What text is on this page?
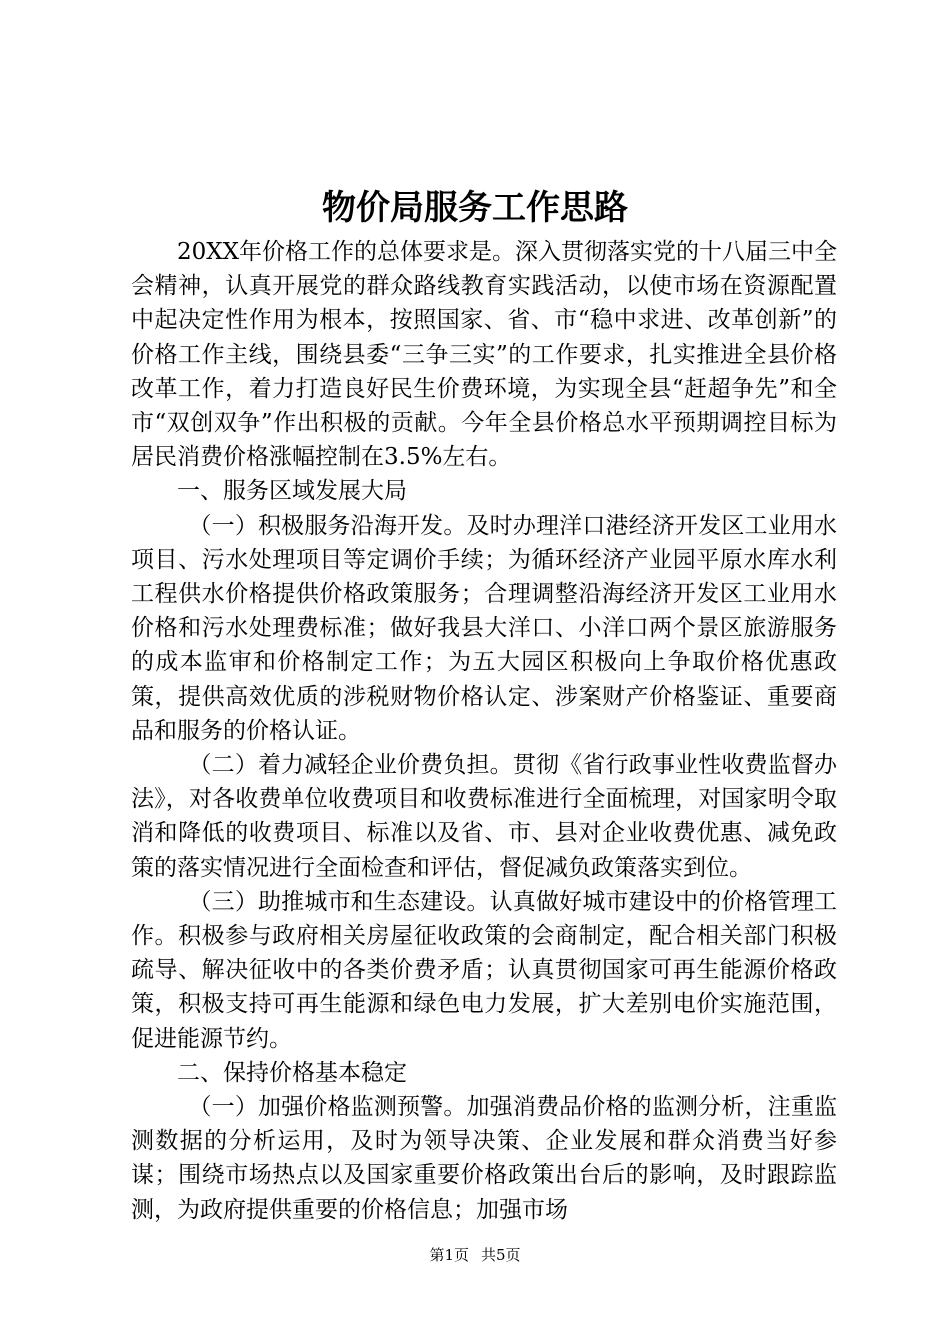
物价局服务工作思路

20XX年价格工作的总体要求是。深入贯彻落实党的十八届三中全会精神，认真开展党的群众路线教育实践活动，以使市场在资源配置中起决定性作用为根本，按照国家、省、市“稳中求进、改革创新”的价格工作主线，围绕县委“三争三实”的工作要求，扎实推进全县价格改革工作，着力打造良好民生价费环境，为实现全县“赶超争先”和全市“双创双争”作出积极的贡献。今年全县价格总水平预期调控目标为居民消费价格涨幅控制在3.5%左右。

一、服务区域发展大局

（一）积极服务沿海开发。及时办理洋口港经济开发区工业用水项目、污水处理项目等定调价手续；为循环经济产业园平原水库水利工程供水价格提供价格政策服务；合理调整沿海经济开发区工业用水价格和污水处理费标准；做好我县大洋口、小洋口两个景区旅游服务的成本监审和价格制定工作；为五大园区积极向上争取价格优惠政策，提供高效优质的涉税财物价格认定、涉案财产价格鉴证、重要商品和服务的价格认证。

（二）着力减轻企业价费负担。贯彻《省行政事业性收费监督办法》，对各收费单位收费项目和收费标准进行全面梳理，对国家明令取消和降低的收费项目、标准以及省、市、县对企业收费优惠、减免政策的落实情况进行全面检查和评估，督促减负政策落实到位。

（三）助推城市和生态建设。认真做好城市建设中的价格管理工作。积极参与政府相关房屋征收政策的会商制定，配合相关部门积极疏导、解决征收中的各类价费矛盾；认真贯彻国家可再生能源价格政策，积极支持可再生能源和绿色电力发展，扩大差别电价实施范围，促进能源节约。

二、保持价格基本稳定

（一）加强价格监测预警。加强消费品价格的监测分析，注重监测数据的分析运用，及时为领导决策、企业发展和群众消费当好参谋；围绕市场热点以及国家重要价格政策出台后的影响，及时跟踪监测，为政府提供重要的价格信息；加强市场

第1页 共5页
